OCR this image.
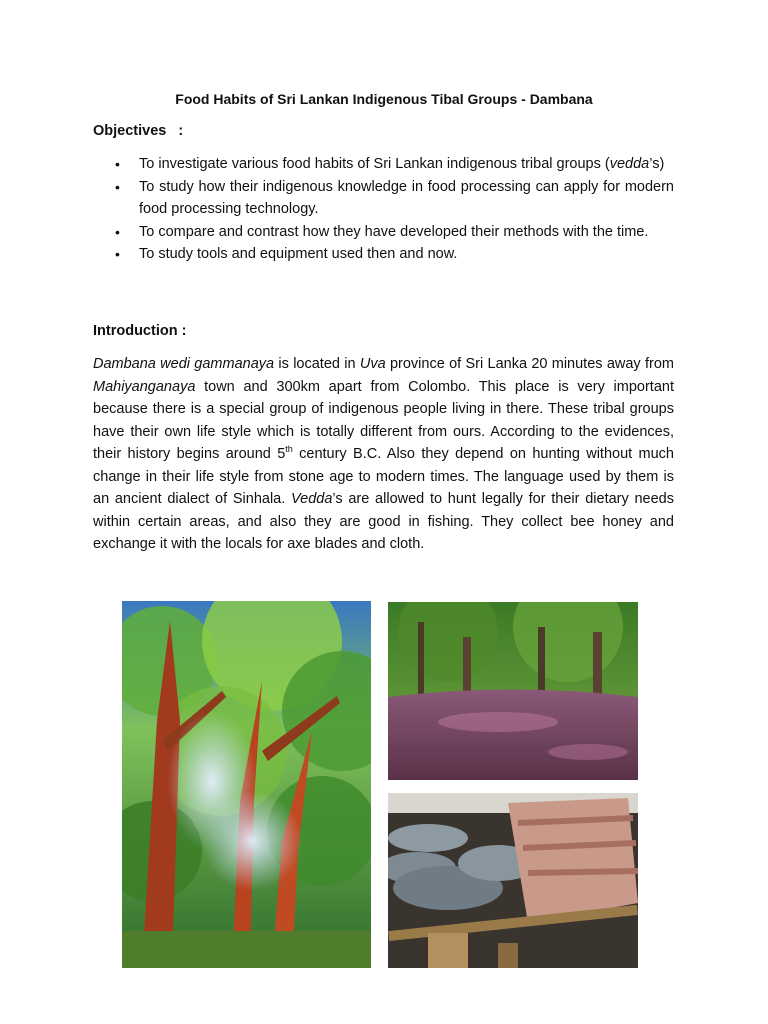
Food Habits of Sri Lankan Indigenous Tibal Groups - Dambana
Objectives   :
• To investigate various food habits of Sri Lankan indigenous tribal groups (vedda’s)
• To study how their indigenous knowledge in food processing can apply for modern food processing technology.
• To compare and contrast how they have developed their methods with the time.
• To study tools and equipment used then and now.
Introduction :

Dambana wedi gammanaya is located in Uva province of Sri Lanka 20 minutes away from Mahiyanganaya town and 300km apart from Colombo. This place is very important because there is a special group of indigenous people living in there. These tribal groups have their own life style which is totally different from ours. According to the evidences, their history begins around 5th century B.C. Also they depend on hunting without much change in their life style from stone age to modern times. The language used by them is an ancient dialect of Sinhala. Vedda’s are allowed to hunt legally for their dietary needs within certain areas, and also they are good in fishing. They collect bee honey and exchange it with the locals for axe blades and cloth.
